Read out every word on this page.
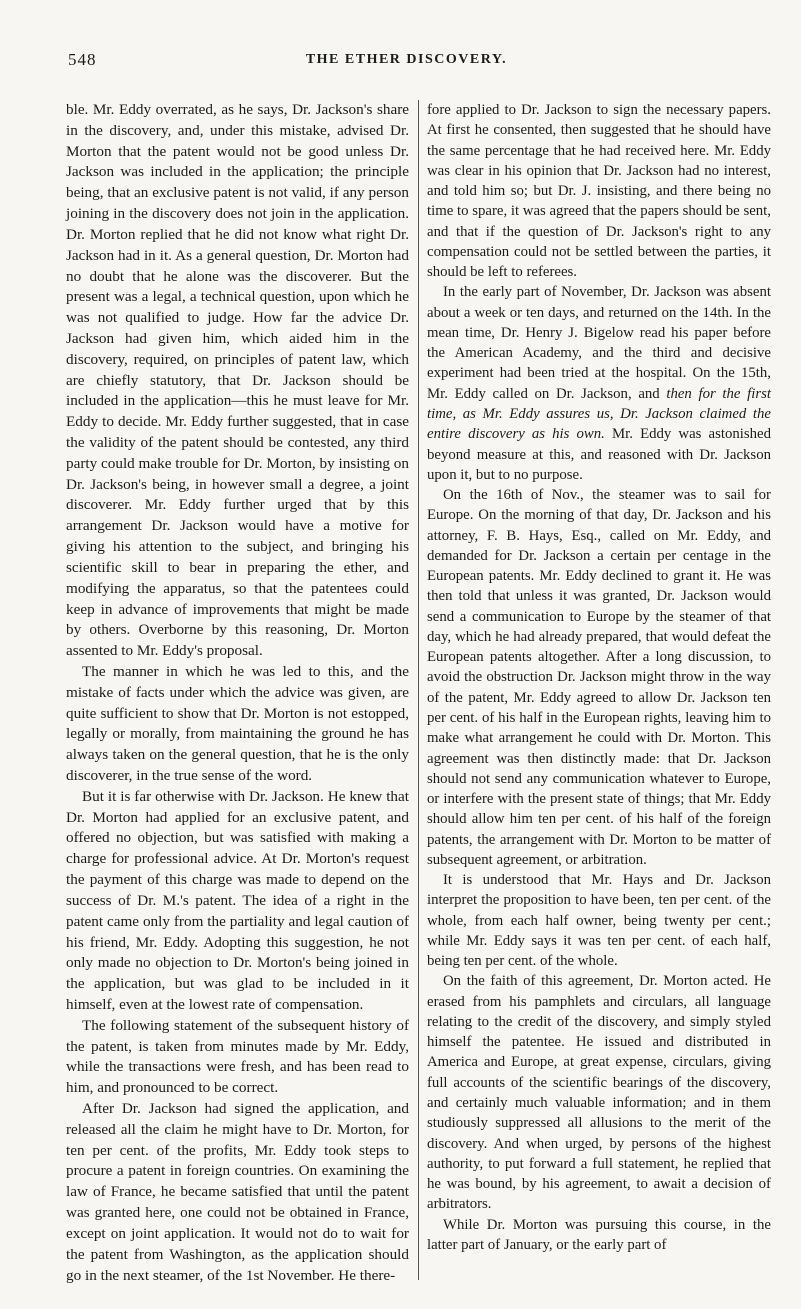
548	THE ETHER DISCOVERY.

ble. Mr. Eddy overrated, as he says, Dr. Jackson's share in the discovery, and, under this mistake, advised Dr. Morton that the patent would not be good unless Dr. Jackson was included in the application; the principle being, that an exclusive patent is not valid, if any person joining in the discovery does not join in the application. Dr. Morton replied that he did not know what right Dr. Jackson had in it. As a general question, Dr. Morton had no doubt that he alone was the discoverer. But the present was a legal, a technical question, upon which he was not qualified to judge. How far the advice Dr. Jackson had given him, which aided him in the discovery, required, on principles of patent law, which are chiefly statutory, that Dr. Jackson should be included in the application—this he must leave for Mr. Eddy to decide. Mr. Eddy further suggested, that in case the validity of the patent should be contested, any third party could make trouble for Dr. Morton, by insisting on Dr. Jackson's being, in however small a degree, a joint discoverer. Mr. Eddy further urged that by this arrangement Dr. Jackson would have a motive for giving his attention to the subject, and bringing his scientific skill to bear in preparing the ether, and modifying the apparatus, so that the patentees could keep in advance of improvements that might be made by others. Overborne by this reasoning, Dr. Morton assented to Mr. Eddy's proposal.

The manner in which he was led to this, and the mistake of facts under which the advice was given, are quite sufficient to show that Dr. Morton is not estopped, legally or morally, from maintaining the ground he has always taken on the general question, that he is the only discoverer, in the true sense of the word.

But it is far otherwise with Dr. Jackson. He knew that Dr. Morton had applied for an exclusive patent, and offered no objection, but was satisfied with making a charge for professional advice. At Dr. Morton's request the payment of this charge was made to depend on the success of Dr. M.'s patent. The idea of a right in the patent came only from the partiality and legal caution of his friend, Mr. Eddy. Adopting this suggestion, he not only made no objection to Dr. Morton's being joined in the application, but was glad to be included in it himself, even at the lowest rate of compensation.

The following statement of the subsequent history of the patent, is taken from minutes made by Mr. Eddy, while the transactions were fresh, and has been read to him, and pronounced to be correct.

After Dr. Jackson had signed the application, and released all the claim he might have to Dr. Morton, for ten per cent. of the profits, Mr. Eddy took steps to procure a patent in foreign countries. On examining the law of France, he became satisfied that until the patent was granted here, one could not be obtained in France, except on joint application. It would not do to wait for the patent from Washington, as the application should go in the next steamer, of the 1st November. He there-

fore applied to Dr. Jackson to sign the necessary papers. At first he consented, then suggested that he should have the same percentage that he had received here. Mr. Eddy was clear in his opinion that Dr. Jackson had no interest, and told him so; but Dr. J. insisting, and there being no time to spare, it was agreed that the papers should be sent, and that if the question of Dr. Jackson's right to any compensation could not be settled between the parties, it should be left to referees.

In the early part of November, Dr. Jackson was absent about a week or ten days, and returned on the 14th. In the mean time, Dr. Henry J. Bigelow read his paper before the American Academy, and the third and decisive experiment had been tried at the hospital. On the 15th, Mr. Eddy called on Dr. Jackson, and then for the first time, as Mr. Eddy assures us, Dr. Jackson claimed the entire discovery as his own. Mr. Eddy was astonished beyond measure at this, and reasoned with Dr. Jackson upon it, but to no purpose.

On the 16th of Nov., the steamer was to sail for Europe. On the morning of that day, Dr. Jackson and his attorney, F. B. Hays, Esq., called on Mr. Eddy, and demanded for Dr. Jackson a certain per centage in the European patents. Mr. Eddy declined to grant it. He was then told that unless it was granted, Dr. Jackson would send a communication to Europe by the steamer of that day, which he had already prepared, that would defeat the European patents altogether. After a long discussion, to avoid the obstruction Dr. Jackson might throw in the way of the patent, Mr. Eddy agreed to allow Dr. Jackson ten per cent. of his half in the European rights, leaving him to make what arrangement he could with Dr. Morton. This agreement was then distinctly made: that Dr. Jackson should not send any communication whatever to Europe, or interfere with the present state of things; that Mr. Eddy should allow him ten per cent. of his half of the foreign patents, the arrangement with Dr. Morton to be matter of subsequent agreement, or arbitration.

It is understood that Mr. Hays and Dr. Jackson interpret the proposition to have been, ten per cent. of the whole, from each half owner, being twenty per cent.; while Mr. Eddy says it was ten per cent. of each half, being ten per cent. of the whole.

On the faith of this agreement, Dr. Morton acted. He erased from his pamphlets and circulars, all language relating to the credit of the discovery, and simply styled himself the patentee. He issued and distributed in America and Europe, at great expense, circulars, giving full accounts of the scientific bearings of the discovery, and certainly much valuable information; and in them studiously suppressed all allusions to the merit of the discovery. And when urged, by persons of the highest authority, to put forward a full statement, he replied that he was bound, by his agreement, to await a decision of arbitrators.

While Dr. Morton was pursuing this course, in the latter part of January, or the early part of
